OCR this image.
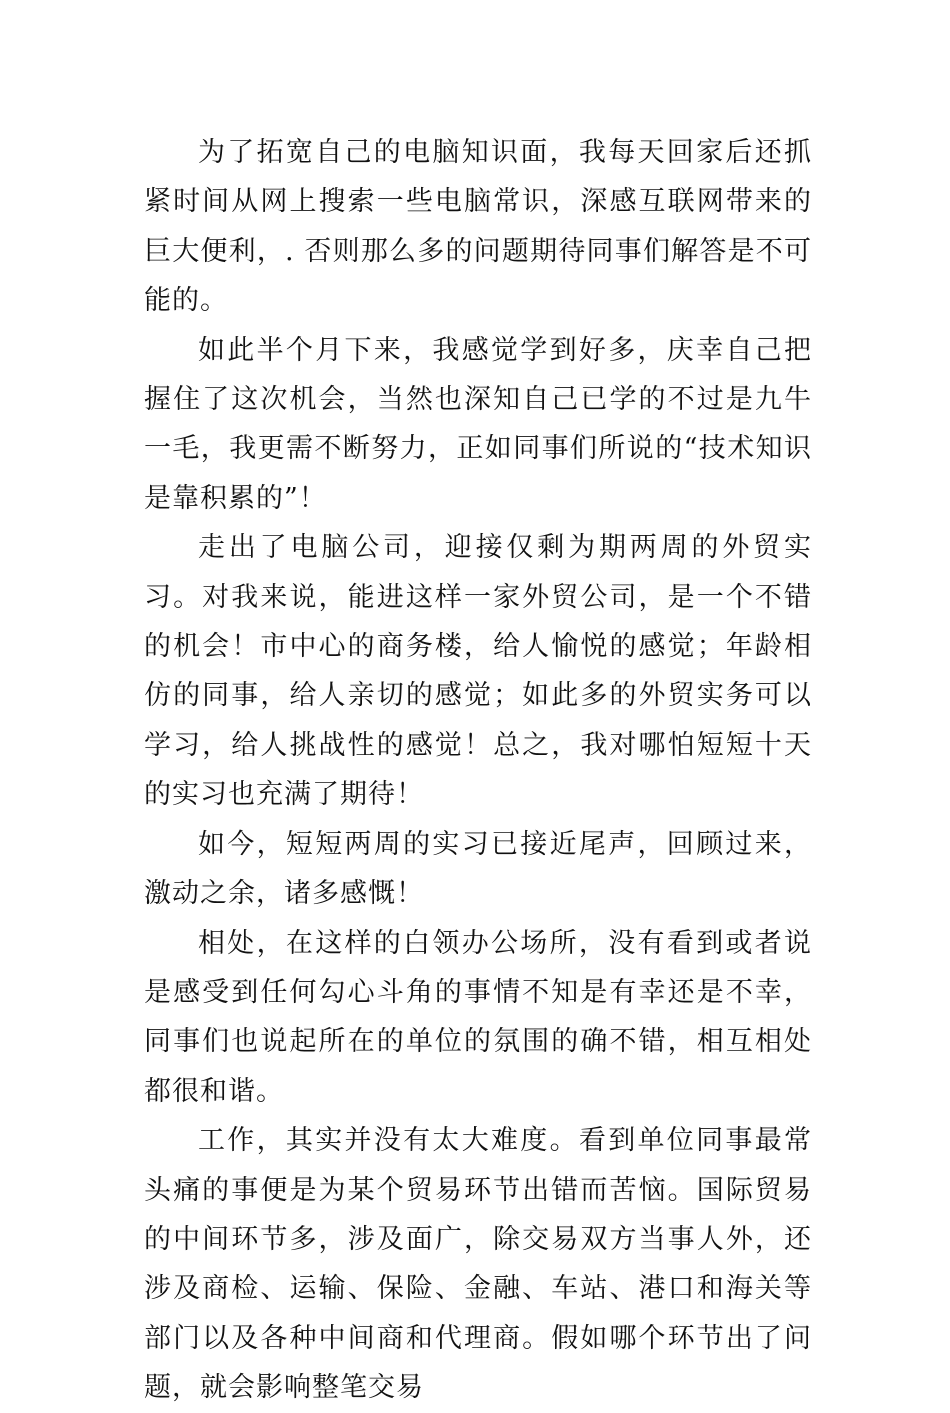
为了拓宽自己的电脑知识面，我每天回家后还抓紧时间从网上搜索一些电脑常识，深感互联网带来的巨大便利，. 否则那么多的问题期待同事们解答是不可能的。

如此半个月下来，我感觉学到好多，庆幸自己把握住了这次机会，当然也深知自己已学的不过是九牛一毛，我更需不断努力，正如同事们所说的“技术知识是靠积累的”！

走出了电脑公司，迎接仅剩为期两周的外贸实习。对我来说，能进这样一家外贸公司，是一个不错的机会！市中心的商务楼，给人愉悦的感觉；年龄相仿的同事，给人亲切的感觉；如此多的外贸实务可以学习，给人挑战性的感觉！总之，我对哪怕短短十天的实习也充满了期待！

如今，短短两周的实习已接近尾声，回顾过来，激动之余，诸多感慨！

相处，在这样的白领办公场所，没有看到或者说是感受到任何勾心斗角的事情不知是有幸还是不幸，同事们也说起所在的单位的氛围的确不错，相互相处都很和谐。

工作，其实并没有太大难度。看到单位同事最常头痛的事便是为某个贸易环节出错而苦恼。国际贸易的中间环节多，涉及面广，除交易双方当事人外，还涉及商检、运输、保险、金融、车站、港口和海关等部门以及各种中间商和代理商。假如哪个环节出了问题，就会影响整笔交易
